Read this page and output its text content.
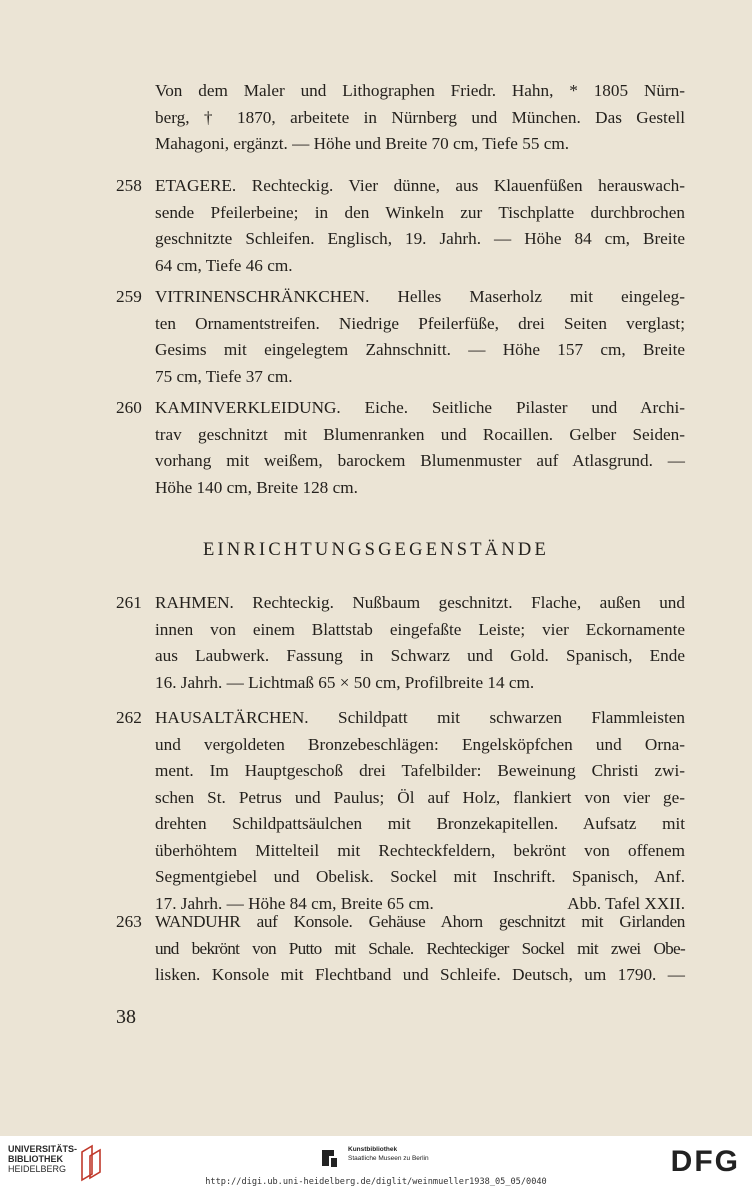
Von dem Maler und Lithographen Friedr. Hahn, * 1805 Nürn-
berg, † 1870, arbeitete in Nürnberg und München. Das Gestell
Mahagoni, ergänzt. — Höhe und Breite 70 cm, Tiefe 55 cm.
258 ETAGERE. Rechteckig. Vier dünne, aus Klauenfüßen herauswach-
sende Pfeilerbeine; in den Winkeln zur Tischplatte durchbrochen
geschnitzte Schleifen. Englisch, 19. Jahrh. — Höhe 84 cm, Breite
64 cm, Tiefe 46 cm.
259 VITRINENSCHRÄNKCHEN. Helles Maserholz mit eingeleg-
ten Ornamentstreifen. Niedrige Pfeilerfüße, drei Seiten verglast;
Gesims mit eingelegtem Zahnschnitt. — Höhe 157 cm, Breite
75 cm, Tiefe 37 cm.
260 KAMINVERKLEIDUNG. Eiche. Seitliche Pilaster und Archi-
trav geschnitzt mit Blumenranken und Rocaillen. Gelber Seiden-
vorhang mit weißem, barockem Blumenmuster auf Atlasgrund. —
Höhe 140 cm, Breite 128 cm.
EINRICHTUNGSGEGENSTÄNDE
261 RAHMEN. Rechteckig. Nußbaum geschnitzt. Flache, außen und
innen von einem Blattstab eingefaßte Leiste; vier Eckornamente
aus Laubwerk. Fassung in Schwarz und Gold. Spanisch, Ende
16. Jahrh. — Lichtmaß 65 × 50 cm, Profilbreite 14 cm.
262 HAUSALTÄRCHEN. Schildpatt mit schwarzen Flammleisten
und vergoldeten Bronzebeschlägen: Engelsköpfchen und Orna-
ment. Im Hauptgeschoß drei Tafelbilder: Beweinung Christi zwi-
schen St. Petrus und Paulus; Öl auf Holz, flankiert von vier ge-
drehten Schildpattsäulchen mit Bronzekapitellen. Aufsatz mit
überhöhtem Mittelteil mit Rechteckfeldern, bekrönt von offenem
Segmentgiebel und Obelisk. Sockel mit Inschrift. Spanisch, Anf.
17. Jahrh. — Höhe 84 cm, Breite 65 cm.	Abb. Tafel XXII.
263 WANDUHR auf Konsole. Gehäuse Ahorn geschnitzt mit Girlanden
und bekrönt von Putto mit Schale. Rechteckiger Sockel mit zwei Obe-
lisken. Konsole mit Flechtband und Schleife. Deutsch, um 1790. —
38
UNIVERSITÄTS-
BIBLIOTHEK
HEIDELBERG
Kunstbibliothek
Staatliche Museen zu Berlin	DFG
http://digi.ub.uni-heidelberg.de/diglit/weinmueller1938_05_05/0040
